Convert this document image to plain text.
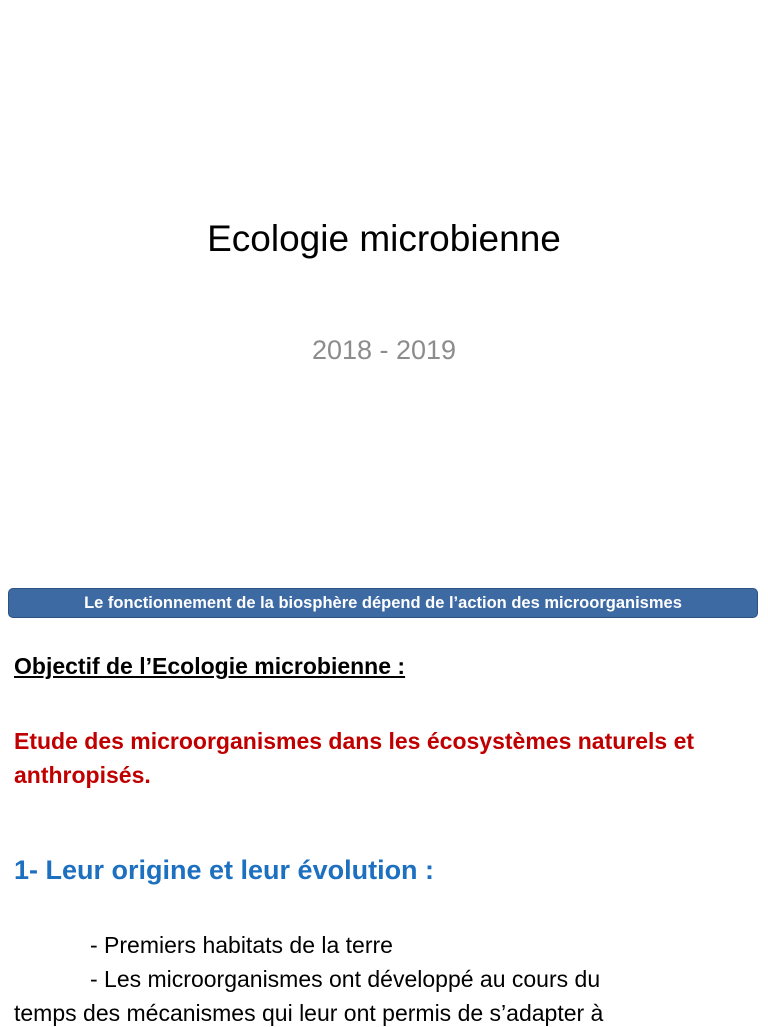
Ecologie microbienne

2018 - 2019

Le fonctionnement de la biosphère dépend de l’action des microorganismes

Objectif de l’Ecologie microbienne :

Etude des microorganismes dans les écosystèmes naturels et anthropisés.

1- Leur origine et leur évolution :

- Premiers habitats de la terre

- Les microorganismes ont développé au cours du

temps des mécanismes qui leur ont permis de s’adapter à
